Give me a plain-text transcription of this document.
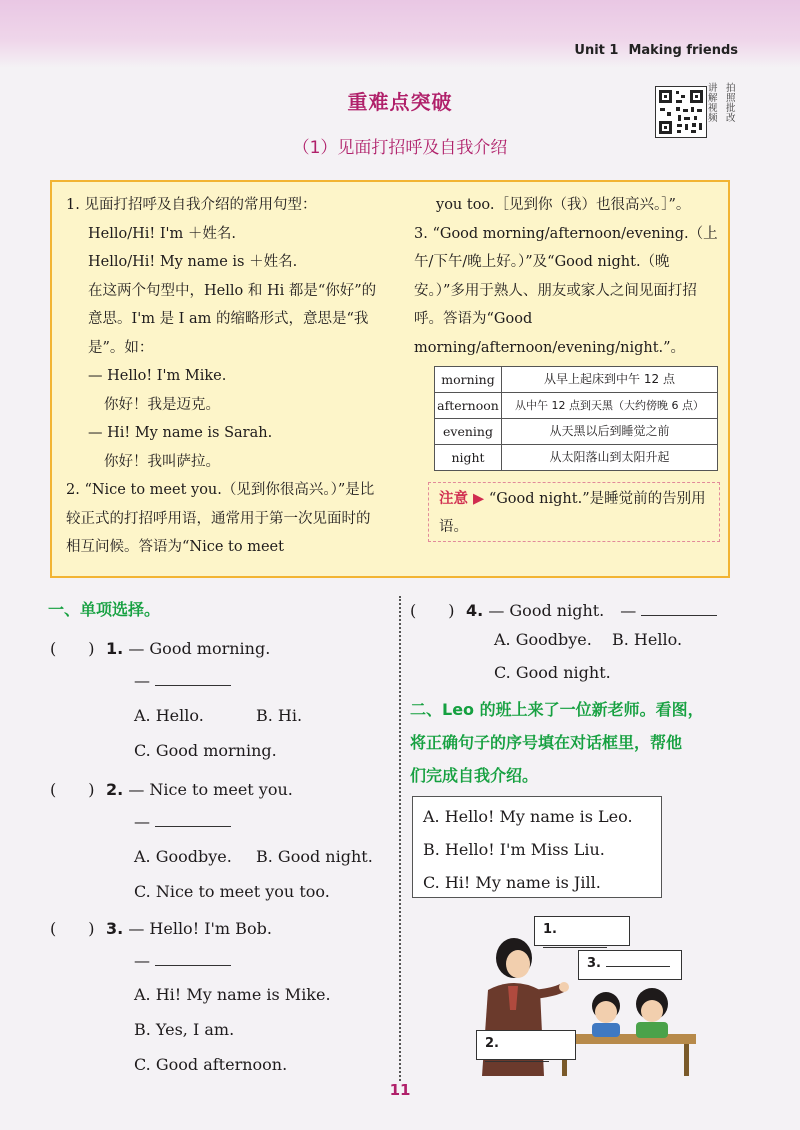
Unit 1 Making friends
重难点突破
（1）见面打招呼及自我介绍
讲 拍
解 照
视 批
频 改

1. 见面打招呼及自我介绍的常用句型：

Hello/Hi! I'm ＋姓名.

Hello/Hi! My name is ＋姓名.

在这两个句型中，Hello 和 Hi 都是“你好”的意思。I'm 是 I am 的缩略形式，意思是“我是”。如：

— Hello! I'm Mike.

你好！我是迈克。

— Hi! My name is Sarah.

你好！我叫萨拉。

2. “Nice to meet you.（见到你很高兴。）”是比较正式的打招呼用语，通常用于第一次见面时的相互问候。答语为“Nice to meet

you too.［见到你（我）也很高兴。］”。

3. “Good morning/afternoon/evening.（上午/下午/晚上好。）”及“Good night.（晚安。）”多用于熟人、朋友或家人之间见面打招呼。答语为“Good morning/afternoon/evening/night.”。

morning	从早上起床到中午 12 点
afternoon	从中午 12 点到天黑（大约傍晚 6 点）
evening	从天黑以后到睡觉之前
night	从太阳落山到太阳升起
注意 ▶ “Good night.”是睡觉前的告别用语。
一、单项选择。
(　　) 1. — Good morning.
—
A. Hello.	B. Hi.
C. Good morning.
(　　) 2. — Nice to meet you.
—
A. Goodbye. B. Good night.
C. Nice to meet you too.
(　　) 3. — Hello! I'm Bob.
—
A. Hi! My name is Mike.
B. Yes, I am.
C. Good afternoon.
(　　) 4. — Good night.　—
A. Goodbye. B. Hello.
C. Good night.
二、Leo 的班上来了一位新老师。看图，
将正确句子的序号填在对话框里，帮他
们完成自我介绍。
A. Hello! My name is Leo.
B. Hello! I'm Miss Liu.
C. Hi! My name is Jill.
1.
3.
2.
11
